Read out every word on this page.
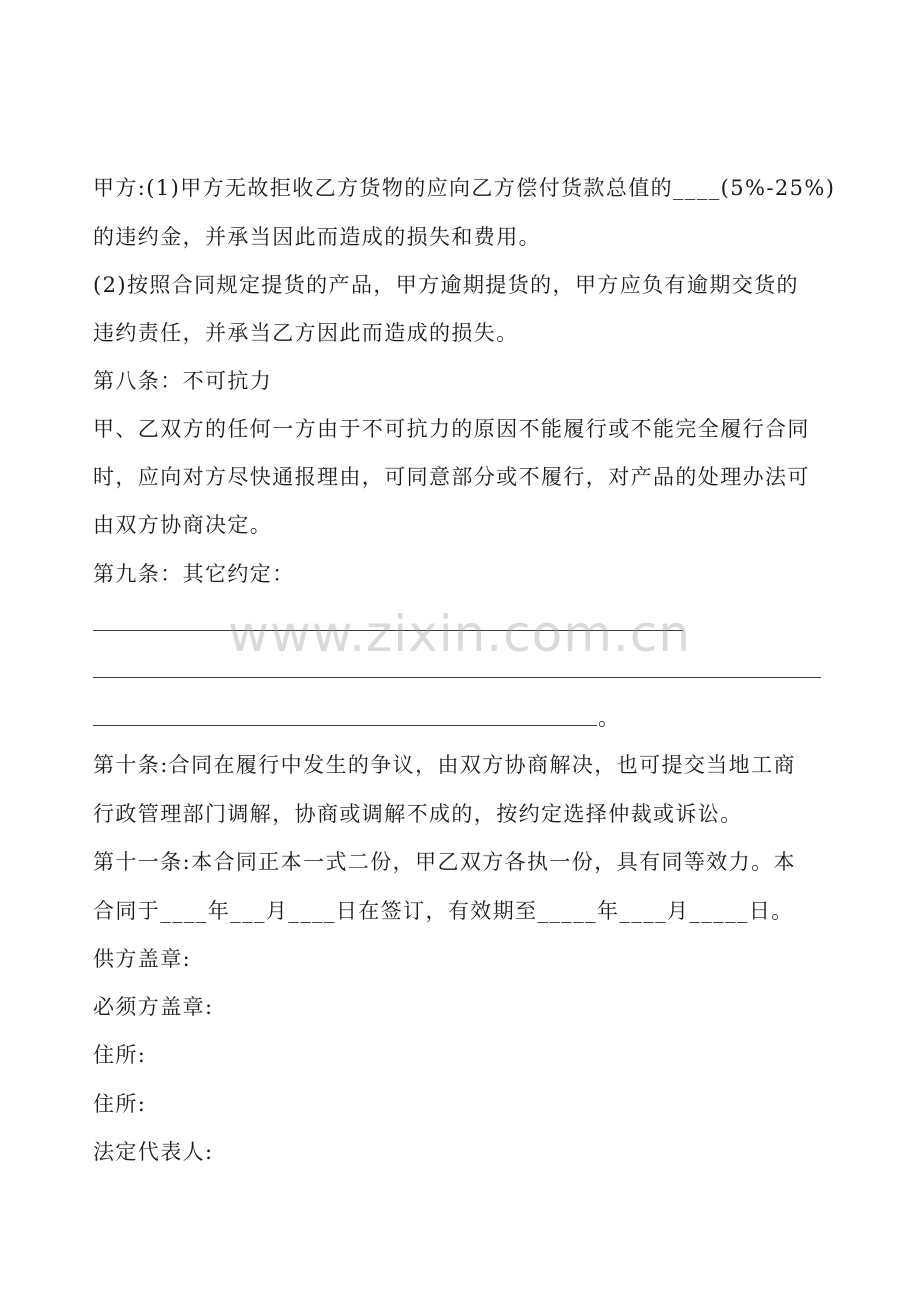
甲方:(1)甲方无故拒收乙方货物的应向乙方偿付货款总值的____(5%-25%)
的违约金，并承当因此而造成的损失和费用。
(2)按照合同规定提货的产品，甲方逾期提货的，甲方应负有逾期交货的
违约责任，并承当乙方因此而造成的损失。
第八条：不可抗力
甲、乙双方的任何一方由于不可抗力的原因不能履行或不能完全履行合同
时，应向对方尽快通报理由，可同意部分或不履行，对产品的处理办法可
由双方协商决定。
第九条：其它约定：
。
第十条:合同在履行中发生的争议，由双方协商解决，也可提交当地工商
行政管理部门调解，协商或调解不成的，按约定选择仲裁或诉讼。
第十一条:本合同正本一式二份，甲乙双方各执一份，具有同等效力。本
合同于____年___月____日在签订，有效期至_____年____月_____日。
供方盖章:
必须方盖章:
住所:
住所:
法定代表人:
www.zixin.com.cn
